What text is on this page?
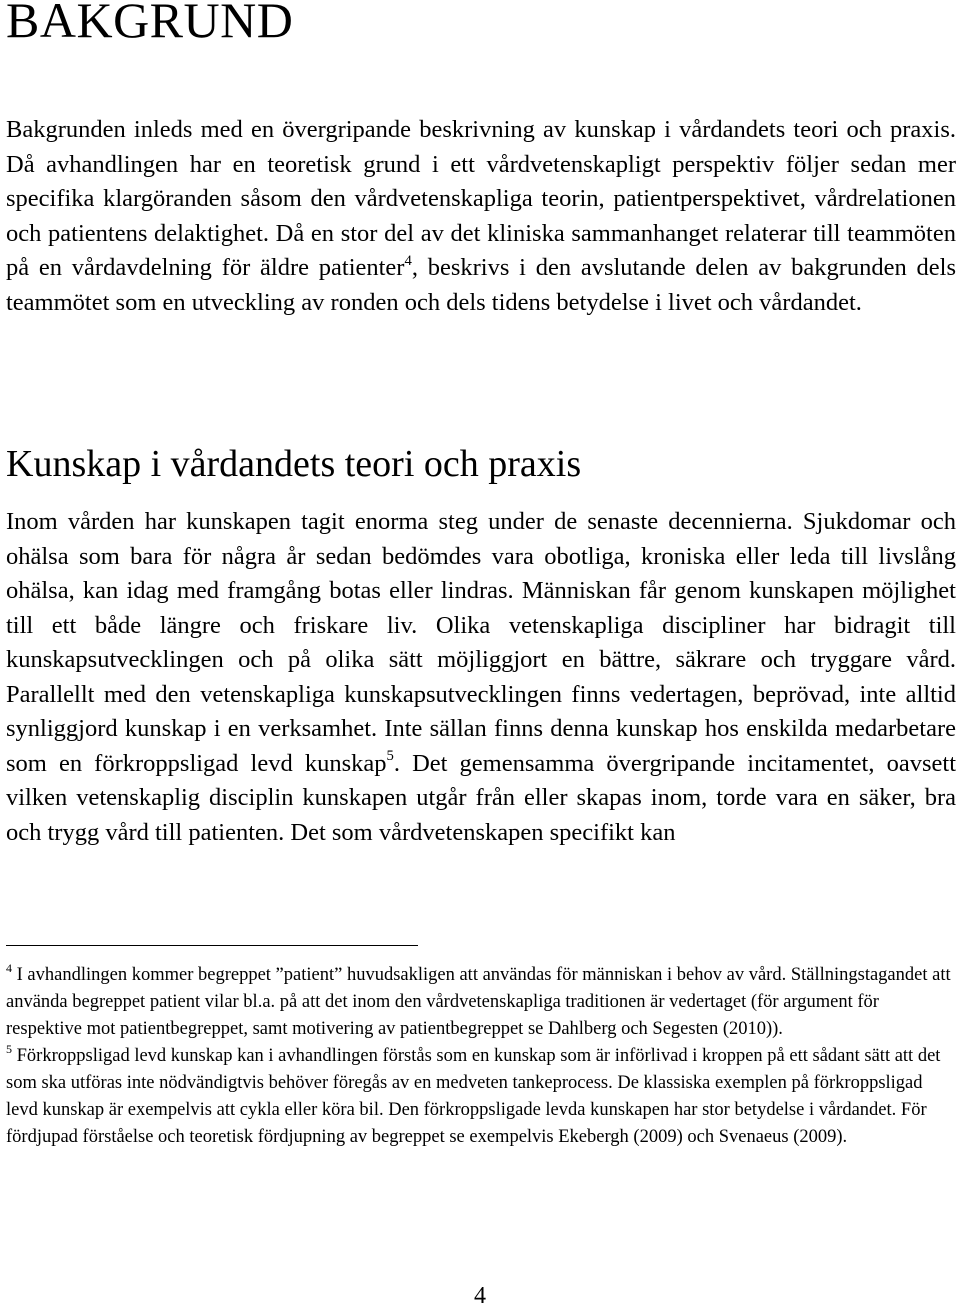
BAKGRUND

Bakgrunden inleds med en övergripande beskrivning av kunskap i vårdandets teori och praxis. Då avhandlingen har en teoretisk grund i ett vårdvetenskapligt perspektiv följer sedan mer specifika klargöranden såsom den vårdvetenskapliga teorin, patientperspektivet, vårdrelationen och patientens delaktighet. Då en stor del av det kliniska sammanhanget relaterar till teammöten på en vårdavdelning för äldre patienter$^4$, beskrivs i den avslutande delen av bakgrunden dels teammötet som en utveckling av ronden och dels tidens betydelse i livet och vårdandet.

Kunskap i vårdandets teori och praxis

Inom vården har kunskapen tagit enorma steg under de senaste decennierna. Sjukdomar och ohälsa som bara för några år sedan bedömdes vara obotliga, kroniska eller leda till livslång ohälsa, kan idag med framgång botas eller lindras. Människan får genom kunskapen möjlighet till ett både längre och friskare liv. Olika vetenskapliga discipliner har bidragit till kunskapsutvecklingen och på olika sätt möjliggjort en bättre, säkrare och tryggare vård. Parallellt med den vetenskapliga kunskapsutvecklingen finns vedertagen, beprövad, inte alltid synliggjord kunskap i en verksamhet. Inte sällan finns denna kunskap hos enskilda medarbetare som en förkroppsligad levd kunskap$^5$. Det gemensamma övergripande incitamentet, oavsett vilken vetenskaplig disciplin kunskapen utgår från eller skapas inom, torde vara en säker, bra och trygg vård till patienten. Det som vårdvetenskapen specifikt kan

$^4$ I avhandlingen kommer begreppet ”patient” huvudsakligen att användas för människan i behov av vård. Ställningstagandet att använda begreppet patient vilar bl.a. på att det inom den vårdvetenskapliga traditionen är vedertaget (för argument för respektive mot patientbegreppet, samt motivering av patientbegreppet se Dahlberg och Segesten (2010)).

$^5$ Förkroppsligad levd kunskap kan i avhandlingen förstås som en kunskap som är införlivad i kroppen på ett sådant sätt att det som ska utföras inte nödvändigtvis behöver föregås av en medveten tankeprocess. De klassiska exemplen på förkroppsligad levd kunskap är exempelvis att cykla eller köra bil. Den förkroppsligade levda kunskapen har stor betydelse i vårdandet. För fördjupad förståelse och teoretisk fördjupning av begreppet se exempelvis Ekebergh (2009) och Svenaeus (2009).

4
